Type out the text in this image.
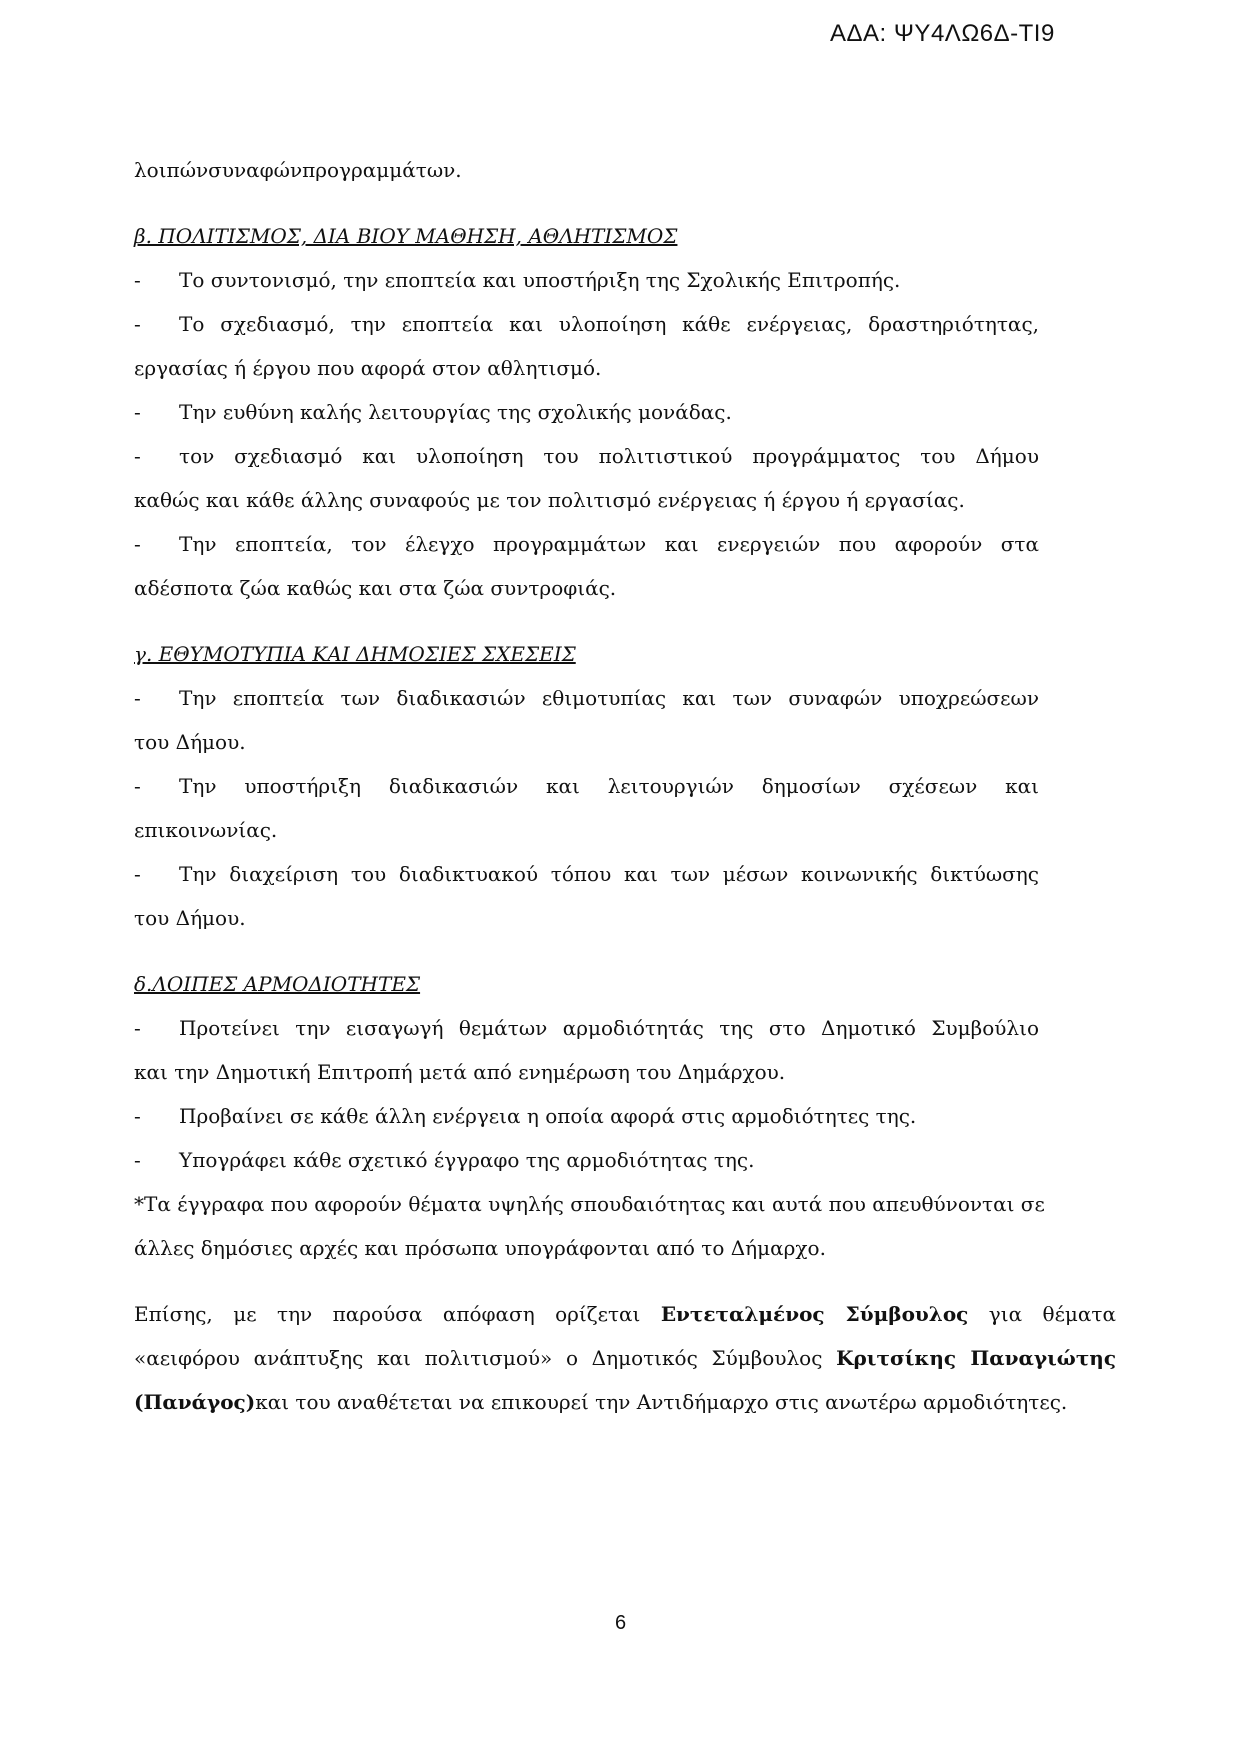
ΑΔΑ: ΨΥ4ΛΩ6Δ-ΤΙ9

λοιπώνσυναφώνπρογραμμάτων.

β. ΠΟΛΙΤΙΣΜΟΣ, ΔΙΑ ΒΙΟΥ ΜΑΘΗΣΗ, ΑΘΛΗΤΙΣΜΟΣ

-	Το συντονισμό, την εποπτεία και υποστήριξη της Σχολικής Επιτροπής.
-	Το σχεδιασμό, την εποπτεία και υλοποίηση κάθε ενέργειας, δραστηριότητας,

εργασίας ή έργου που αφορά στον αθλητισμό.

-	Την ευθύνη καλής λειτουργίας της σχολικής μονάδας.
-	τον σχεδιασμό και υλοποίηση του πολιτιστικού προγράμματος του Δήμου

καθώς και κάθε άλλης συναφούς με τον πολιτισμό ενέργειας ή έργου ή εργασίας.

-	Την εποπτεία, τον έλεγχο προγραμμάτων και ενεργειών που αφορούν στα

αδέσποτα ζώα καθώς και στα ζώα συντροφιάς.

γ. ΕΘΥΜΟΤΥΠΙΑ ΚΑΙ ΔΗΜΟΣΙΕΣ ΣΧΕΣΕΙΣ

-	Την εποπτεία των διαδικασιών εθιμοτυπίας και των συναφών υποχρεώσεων

του Δήμου.

-	Την υποστήριξη διαδικασιών και λειτουργιών δημοσίων σχέσεων και

επικοινωνίας.

-	Την διαχείριση του διαδικτυακού τόπου και των μέσων κοινωνικής δικτύωσης

του Δήμου.

δ.ΛΟΙΠΕΣ ΑΡΜΟΔΙΟΤΗΤΕΣ

-	Προτείνει την εισαγωγή θεμάτων αρμοδιότητάς της στο Δημοτικό Συμβούλιο

και την Δημοτική Επιτροπή μετά από ενημέρωση του Δημάρχου.

-	Προβαίνει σε κάθε άλλη ενέργεια η οποία αφορά στις αρμοδιότητες της.
-	Υπογράφει κάθε σχετικό έγγραφο της αρμοδιότητας της.

*Τα έγγραφα που αφορούν θέματα υψηλής σπουδαιότητας και αυτά που απευθύνονται σε

άλλες δημόσιες αρχές και πρόσωπα υπογράφονται από το Δήμαρχο.

Επίσης, με την παρούσα απόφαση ορίζεται Εντεταλμένος Σύμβουλος για θέματα

«αειφόρου ανάπτυξης και πολιτισμού» ο Δημοτικός Σύμβουλος Κριτσίκης Παναγιώτης

(Πανάγος)και του αναθέτεται να επικουρεί την Αντιδήμαρχο στις ανωτέρω αρμοδιότητες.

6
